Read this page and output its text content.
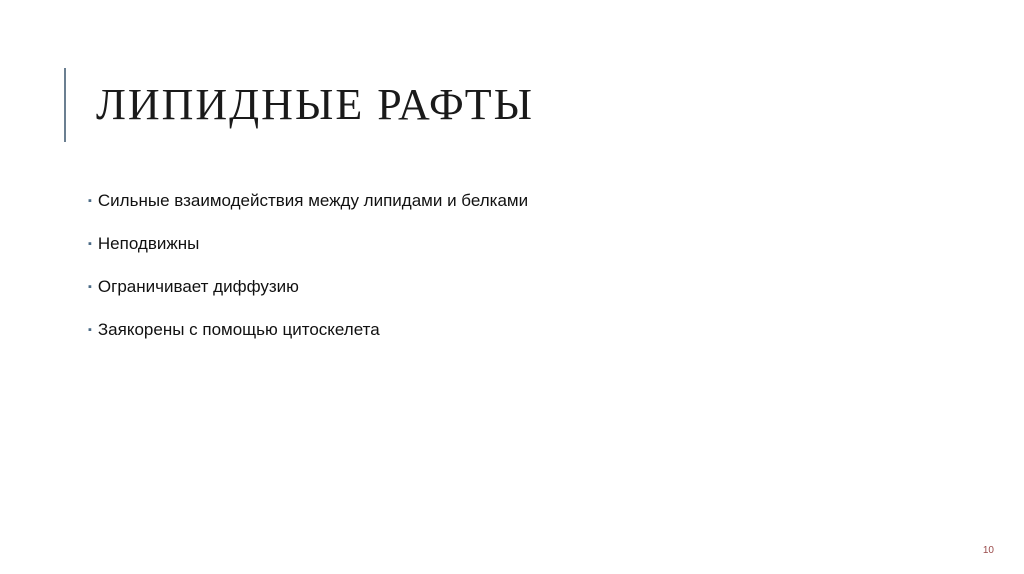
ЛИПИДНЫЕ РАФТЫ
▪ Сильные взаимодействия между липидами и белками
▪ Неподвижны
▪ Ограничивает диффузию
▪ Заякорены с помощью цитоскелета
10
